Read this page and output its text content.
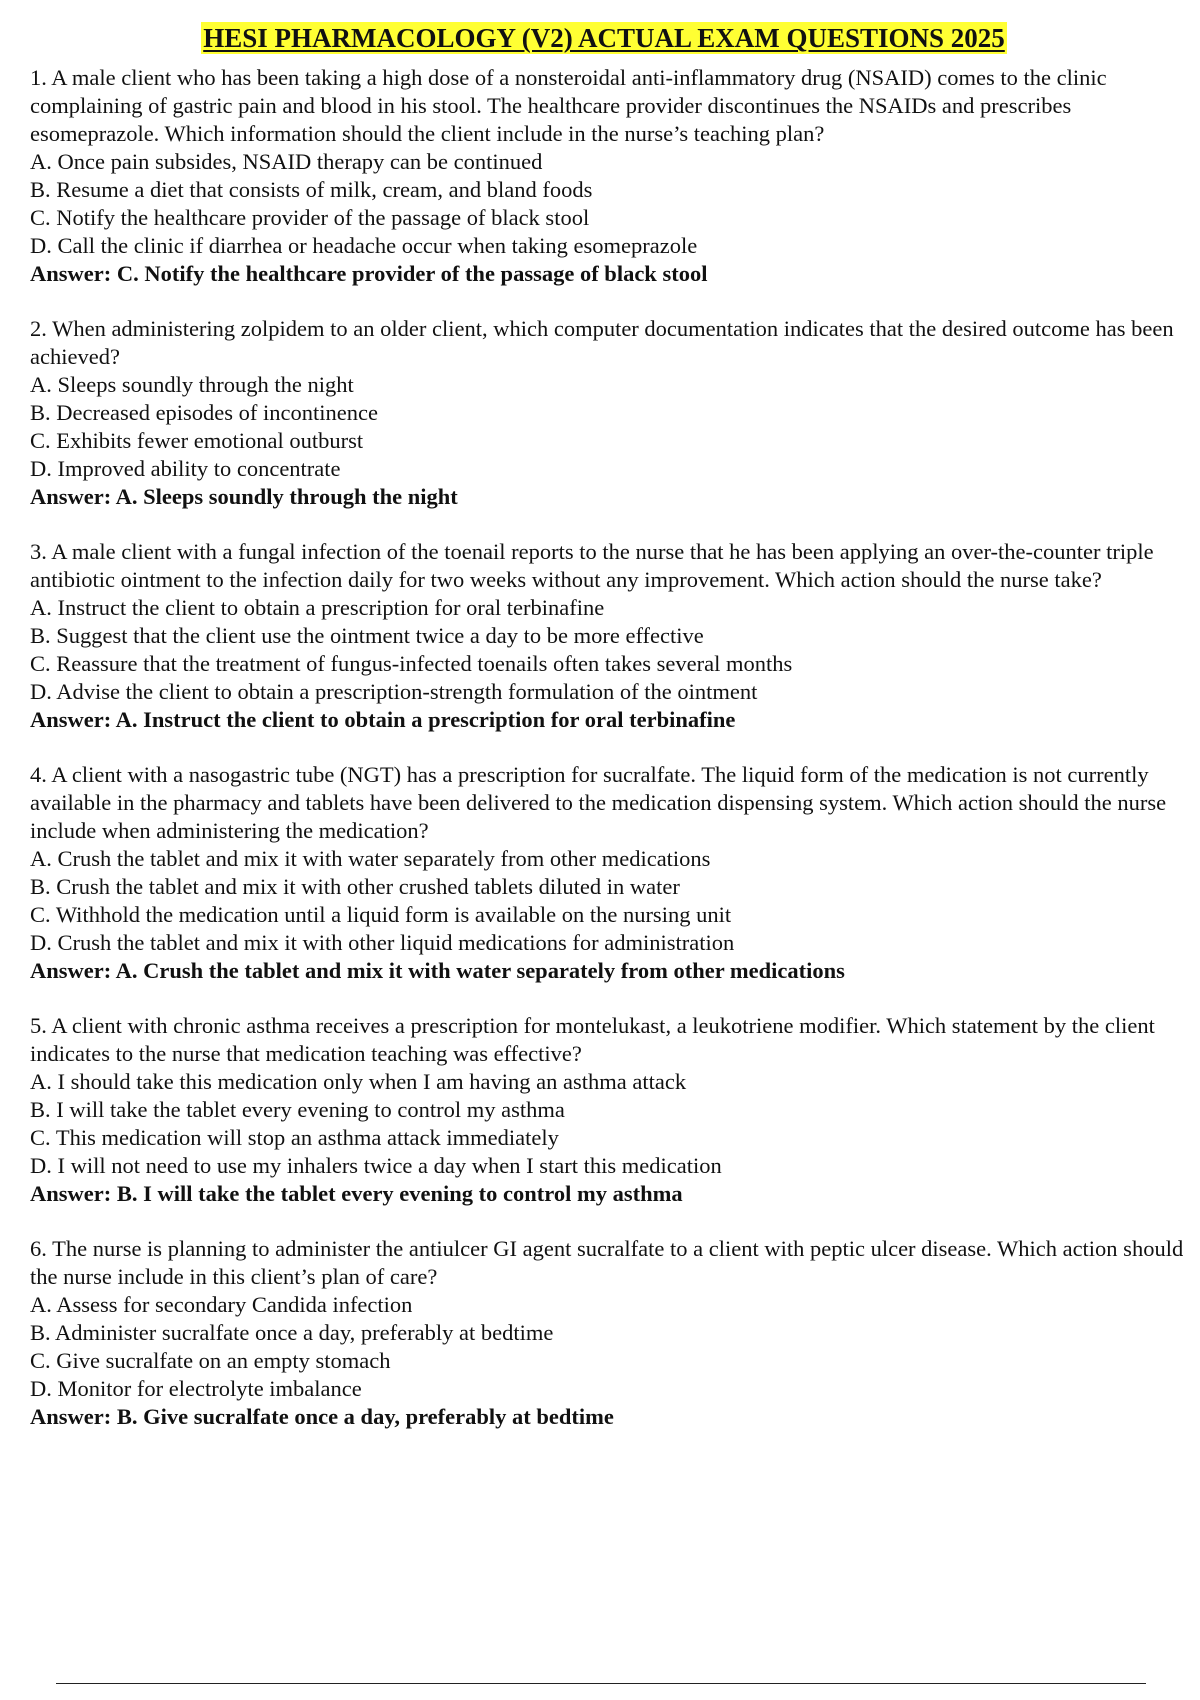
HESI PHARMACOLOGY (V2) ACTUAL EXAM QUESTIONS 2025

1. A male client who has been taking a high dose of a nonsteroidal anti-inflammatory drug (NSAID) comes to the clinic complaining of gastric pain and blood in his stool. The healthcare provider discontinues the NSAIDs and prescribes esomeprazole. Which information should the client include in the nurse’s teaching plan?

A. Once pain subsides, NSAID therapy can be continued

B. Resume a diet that consists of milk, cream, and bland foods

C. Notify the healthcare provider of the passage of black stool

D. Call the clinic if diarrhea or headache occur when taking esomeprazole

Answer: C. Notify the healthcare provider of the passage of black stool

2. When administering zolpidem to an older client, which computer documentation indicates that the desired outcome has been achieved?

A. Sleeps soundly through the night

B. Decreased episodes of incontinence

C. Exhibits fewer emotional outburst

D. Improved ability to concentrate

Answer: A. Sleeps soundly through the night

3. A male client with a fungal infection of the toenail reports to the nurse that he has been applying an over-the-counter triple antibiotic ointment to the infection daily for two weeks without any improvement. Which action should the nurse take?

A. Instruct the client to obtain a prescription for oral terbinafine

B. Suggest that the client use the ointment twice a day to be more effective

C. Reassure that the treatment of fungus-infected toenails often takes several months

D. Advise the client to obtain a prescription-strength formulation of the ointment

Answer: A. Instruct the client to obtain a prescription for oral terbinafine

4. A client with a nasogastric tube (NGT) has a prescription for sucralfate. The liquid form of the medication is not currently available in the pharmacy and tablets have been delivered to the medication dispensing system. Which action should the nurse include when administering the medication?

A. Crush the tablet and mix it with water separately from other medications

B. Crush the tablet and mix it with other crushed tablets diluted in water

C. Withhold the medication until a liquid form is available on the nursing unit

D. Crush the tablet and mix it with other liquid medications for administration

Answer: A. Crush the tablet and mix it with water separately from other medications

5. A client with chronic asthma receives a prescription for montelukast, a leukotriene modifier. Which statement by the client indicates to the nurse that medication teaching was effective?

A. I should take this medication only when I am having an asthma attack

B. I will take the tablet every evening to control my asthma

C. This medication will stop an asthma attack immediately

D. I will not need to use my inhalers twice a day when I start this medication

Answer: B. I will take the tablet every evening to control my asthma

6. The nurse is planning to administer the antiulcer GI agent sucralfate to a client with peptic ulcer disease. Which action should the nurse include in this client’s plan of care?

A. Assess for secondary Candida infection

B. Administer sucralfate once a day, preferably at bedtime

C. Give sucralfate on an empty stomach

D. Monitor for electrolyte imbalance

Answer: B. Give sucralfate once a day, preferably at bedtime
